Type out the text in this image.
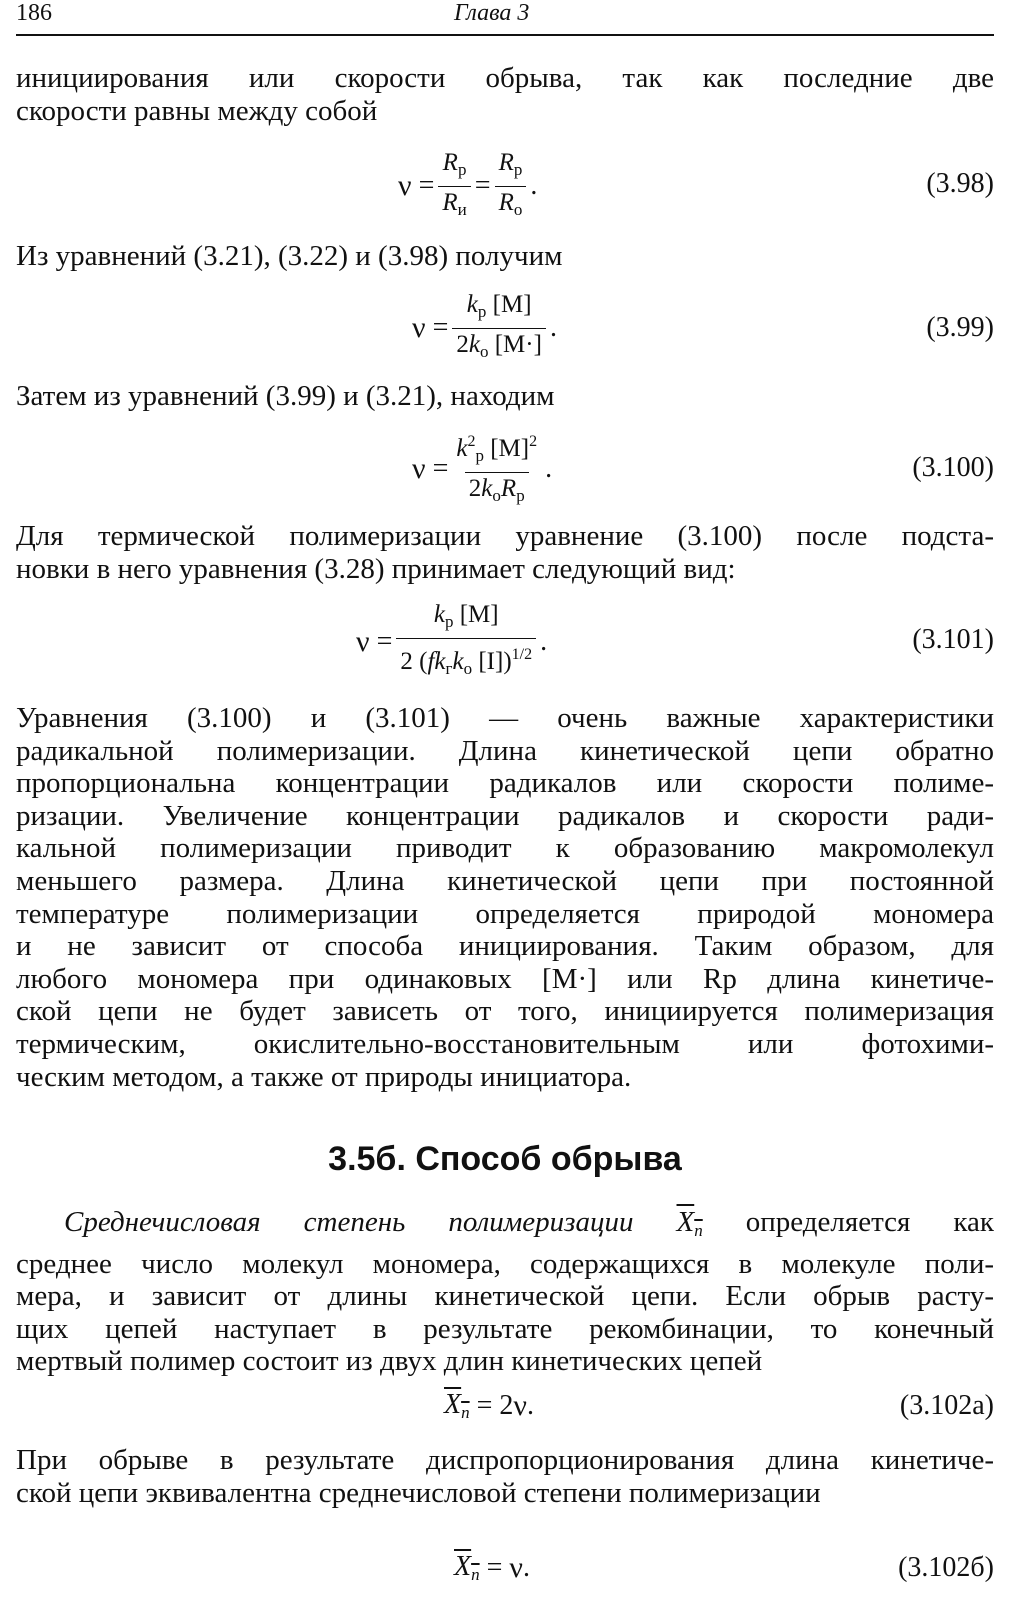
186	Глава 3
инициирования или скорости обрыва, так как последние две
скорости равны между собой
$\nu = \frac{R_р}{R_и} = \frac{R_р}{R_о}$ .	(3.98)
Из уравнений (3.21), (3.22) и (3.98) получим
$\nu = \frac{k_р [M]}{2k_о [M\cdot]}$ .	(3.99)
Затем из уравнений (3.99) и (3.21), находим
$\nu = \frac{k^2_р [M]^2}{2k_оR_р}$ .	(3.100)
Для термической полимеризации уравнение (3.100) после подста-
новки в него уравнения (3.28) принимает следующий вид:
$\nu = \frac{k_р [M]}{2 (fk_гk_о [I])^{1/2}}$ .	(3.101)
Уравнения (3.100) и (3.101) — очень важные характеристики
радикальной полимеризации. Длина кинетической цепи обратно
пропорциональна концентрации радикалов или скорости полиме-
ризации. Увеличение концентрации радикалов и скорости ради-
кальной полимеризации приводит к образованию макромолекул
меньшего размера. Длина кинетической цепи при постоянной
температуре полимеризации определяется природой мономера
и не зависит от способа инициирования. Таким образом, для
любого мономера при одинаковых [M·] или Rр длина кинетиче-
ской цепи не будет зависеть от того, инициируется полимеризация
термическим, окислительно-восстановительным или фотохими-
ческим методом, а также от природы инициатора.
3.5б. Способ обрыва
Среднечисловая степень полимеризации $X_n$ определяется как
среднее число молекул мономера, содержащихся в молекуле поли-
мера, и зависит от длины кинетической цепи. Если обрыв расту-
щих цепей наступает в результате рекомбинации, то конечный
мертвый полимер состоит из двух длин кинетических цепей
$X_n = 2$ ν .	(3.102а)
При обрыве в результате диспропорционирования длина кинетиче-
ской цепи эквивалентна среднечисловой степени полимеризации
$X_n = \nu$ .	(3.102б)
